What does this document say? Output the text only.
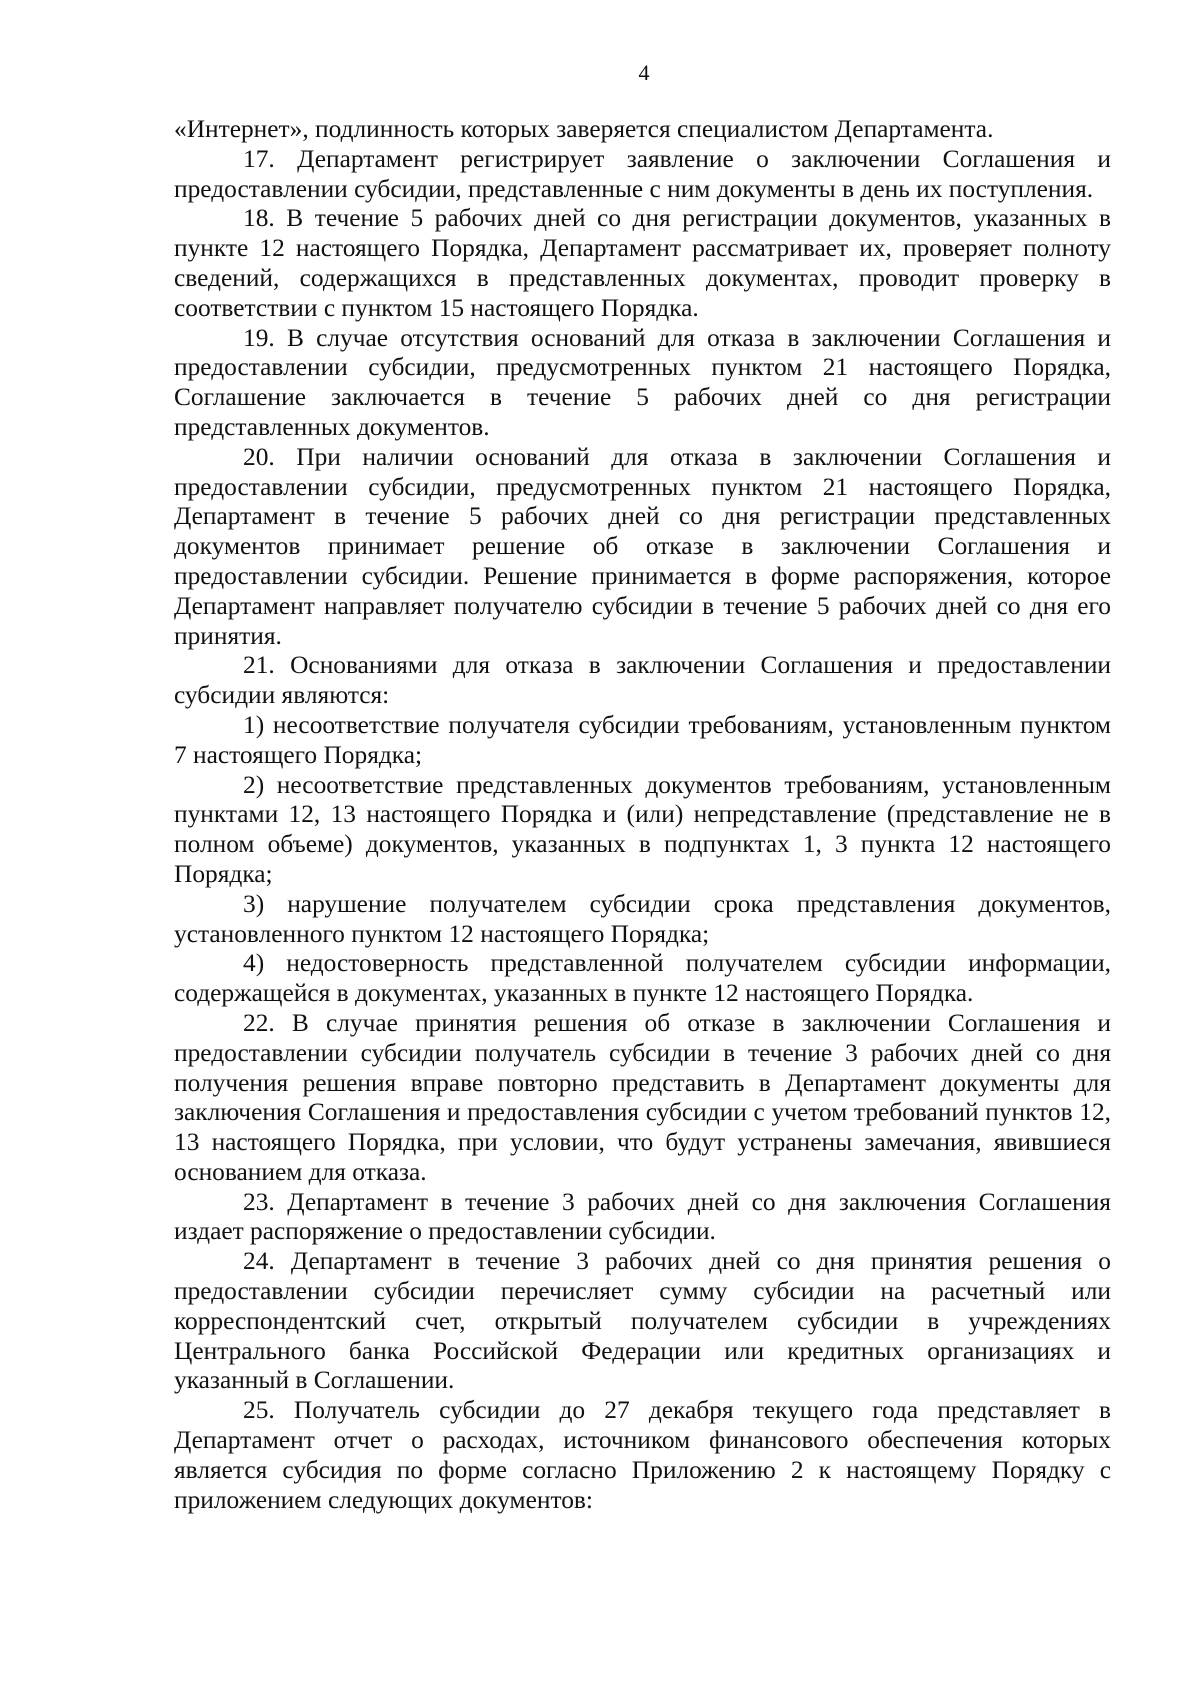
4

«Интернет», подлинность которых заверяется специалистом Департамента.

17. Департамент регистрирует заявление о заключении Соглашения и предоставлении субсидии, представленные с ним документы в день их поступления.

18. В течение 5 рабочих дней со дня регистрации документов, указанных в пункте 12 настоящего Порядка, Департамент рассматривает их, проверяет полноту сведений, содержащихся в представленных документах, проводит проверку в соответствии с пунктом 15 настоящего Порядка.

19. В случае отсутствия оснований для отказа в заключении Соглашения и предоставлении субсидии, предусмотренных пунктом 21 настоящего Порядка, Соглашение заключается в течение 5 рабочих дней со дня регистрации представленных документов.

20. При наличии оснований для отказа в заключении Соглашения и предоставлении субсидии, предусмотренных пунктом 21 настоящего Порядка, Департамент в течение 5 рабочих дней со дня регистрации представленных документов принимает решение об отказе в заключении Соглашения и предоставлении субсидии. Решение принимается в форме распоряжения, которое Департамент направляет получателю субсидии в течение 5 рабочих дней со дня его принятия.

21. Основаниями для отказа в заключении Соглашения и предоставлении субсидии являются:

1) несоответствие получателя субсидии требованиям, установленным пунктом 7 настоящего Порядка;

2) несоответствие представленных документов требованиям, установленным пунктами 12, 13 настоящего Порядка и (или) непредставление (представление не в полном объеме) документов, указанных в подпунктах 1, 3 пункта 12 настоящего Порядка;

3) нарушение получателем субсидии срока представления документов, установленного пунктом 12 настоящего Порядка;

4) недостоверность представленной получателем субсидии информации, содержащейся в документах, указанных в пункте 12 настоящего Порядка.

22. В случае принятия решения об отказе в заключении Соглашения и предоставлении субсидии получатель субсидии в течение 3 рабочих дней со дня получения решения вправе повторно представить в Департамент документы для заключения Соглашения и предоставления субсидии с учетом требований пунктов 12, 13 настоящего Порядка, при условии, что будут устранены замечания, явившиеся основанием для отказа.

23. Департамент в течение 3 рабочих дней со дня заключения Соглашения издает распоряжение о предоставлении субсидии.

24. Департамент в течение 3 рабочих дней со дня принятия решения о предоставлении субсидии перечисляет сумму субсидии на расчетный или корреспондентский счет, открытый получателем субсидии в учреждениях Центрального банка Российской Федерации или кредитных организациях и указанный в Соглашении.

25. Получатель субсидии до 27 декабря текущего года представляет в Департамент отчет о расходах, источником финансового обеспечения которых является субсидия по форме согласно Приложению 2 к настоящему Порядку с приложением следующих документов:
